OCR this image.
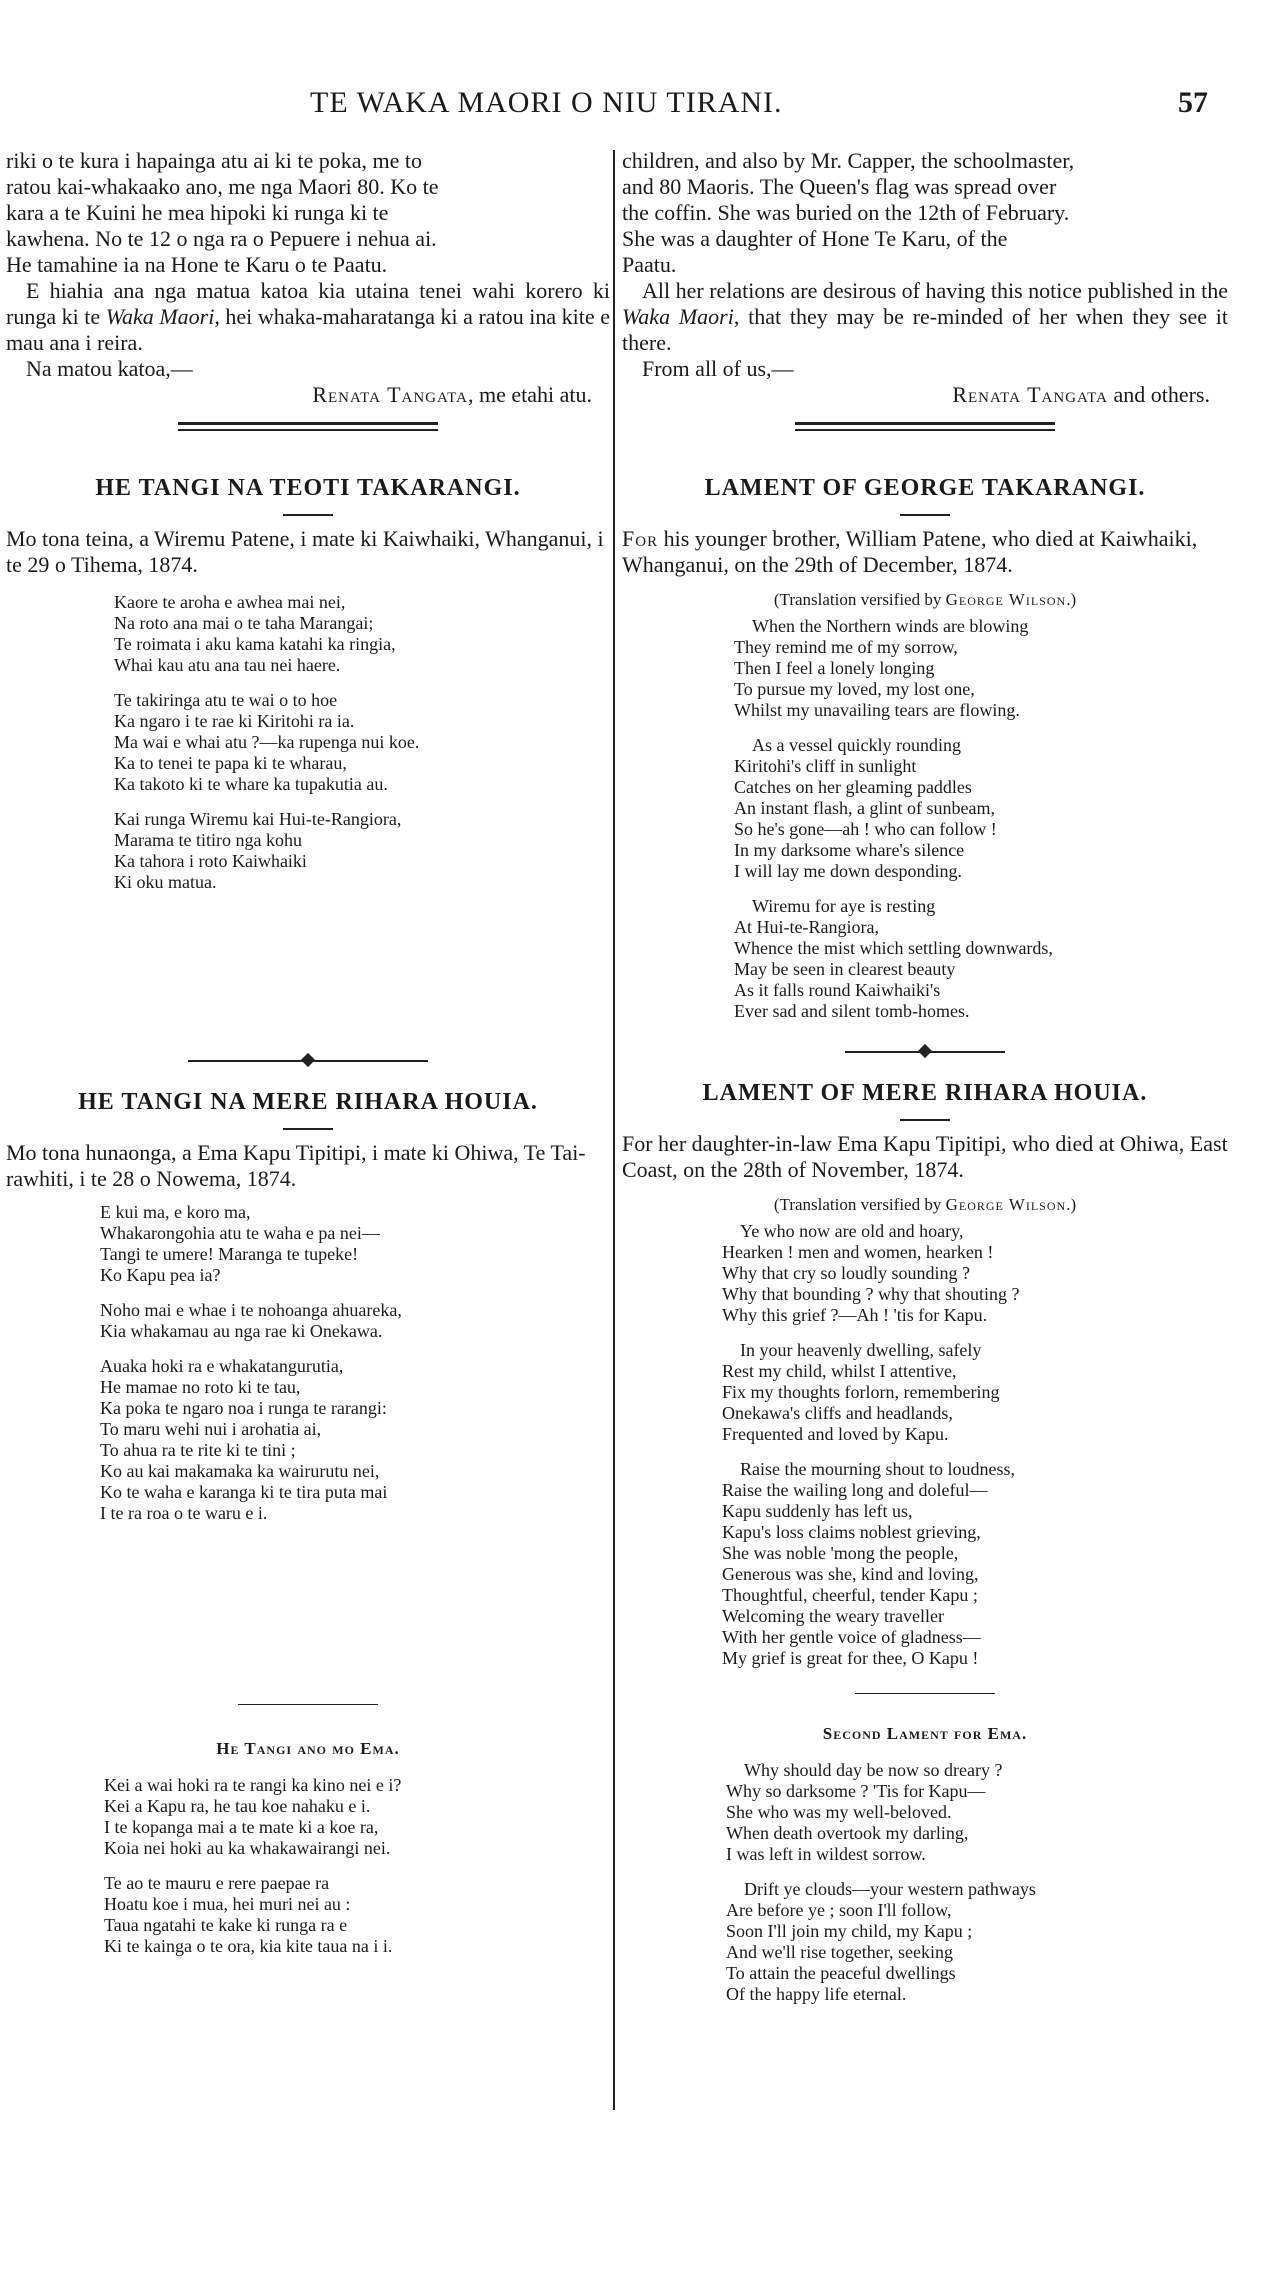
TE WAKA MAORI O NIU TIRANI.	57
riki o te kura i hapainga atu ai ki te poka, me to
ratou kai-whakaako ano, me nga Maori 80. Ko te
kara a te Kuini he mea hipoki ki runga ki te
kawhena. No te 12 o nga ra o Pepuere i nehua ai.
He tamahine ia na Hone te Karu o te Paatu.

E hiahia ana nga matua katoa kia utaina tenei wahi korero ki runga ki te Waka Maori, hei whaka-maharatanga ki a ratou ina kite e mau ana i reira.

Na matou katoa,—

Renata Tangata, me etahi atu.
HE TANGI NA TEOTI TAKARANGI.

Mo tona teina, a Wiremu Patene, i mate ki Kaiwhaiki, Whanganui, i te 29 o Tihema, 1874.

Kaore te aroha e awhea mai nei,
Na roto ana mai o te taha Marangai;
Te roimata i aku kama katahi ka ringia,
Whai kau atu ana tau nei haere.
Te takiringa atu te wai o to hoe
Ka ngaro i te rae ki Kiritohi ra ia.
Ma wai e whai atu ?—ka rupenga nui koe.
Ka to tenei te papa ki te wharau,
Ka takoto ki te whare ka tupakutia au.
Kai runga Wiremu kai Hui-te-Rangiora,
Marama te titiro nga kohu
Ka tahora i roto Kaiwhaiki
Ki oku matua.
HE TANGI NA MERE RIHARA HOUIA.

Mo tona hunaonga, a Ema Kapu Tipitipi, i mate ki Ohiwa, Te Tai-rawhiti, i te 28 o Nowema, 1874.

E kui ma, e koro ma,
Whakarongohia atu te waha e pa nei—
Tangi te umere! Maranga te tupeke!
Ko Kapu pea ia?
Noho mai e whae i te nohoanga ahuareka,
Kia whakamau au nga rae ki Onekawa.
Auaka hoki ra e whakatangurutia,
He mamae no roto ki te tau,
Ka poka te ngaro noa i runga te rarangi:
To maru wehi nui i arohatia ai,
To ahua ra te rite ki te tini ;
Ko au kai makamaka ka wairurutu nei,
Ko te waha e karanga ki te tira puta mai
I te ra roa o te waru e i.
He Tangi ano mo Ema.
Kei a wai hoki ra te rangi ka kino nei e i?
Kei a Kapu ra, he tau koe nahaku e i.
I te kopanga mai a te mate ki a koe ra,
Koia nei hoki au ka whakawairangi nei.
Te ao te mauru e rere paepae ra
Hoatu koe i mua, hei muri nei au :
Taua ngatahi te kake ki runga ra e
Ki te kainga o te ora, kia kite taua na i i.
children, and also by Mr. Capper, the schoolmaster,
and 80 Maoris. The Queen's flag was spread over
the coffin. She was buried on the 12th of February.
She was a daughter of Hone Te Karu, of the
Paatu.

All her relations are desirous of having this notice published in the Waka Maori, that they may be re-minded of her when they see it there.

From all of us,—

Renata Tangata and others.
LAMENT OF GEORGE TAKARANGI.

For his younger brother, William Patene, who died at Kaiwhaiki, Whanganui, on the 29th of December, 1874.

(Translation versified by George Wilson.)

When the Northern winds are blowing
They remind me of my sorrow,
Then I feel a lonely longing
To pursue my loved, my lost one,
Whilst my unavailing tears are flowing.
As a vessel quickly rounding
Kiritohi's cliff in sunlight
Catches on her gleaming paddles
An instant flash, a glint of sunbeam,
So he's gone—ah ! who can follow !
In my darksome whare's silence
I will lay me down desponding.
Wiremu for aye is resting
At Hui-te-Rangiora,
Whence the mist which settling downwards,
May be seen in clearest beauty
As it falls round Kaiwhaiki's
Ever sad and silent tomb-homes.
LAMENT OF MERE RIHARA HOUIA.

For her daughter-in-law Ema Kapu Tipitipi, who died at Ohiwa, East Coast, on the 28th of November, 1874.

(Translation versified by George Wilson.)

Ye who now are old and hoary,
Hearken ! men and women, hearken !
Why that cry so loudly sounding ?
Why that bounding ? why that shouting ?
Why this grief ?—Ah ! 'tis for Kapu.
In your heavenly dwelling, safely
Rest my child, whilst I attentive,
Fix my thoughts forlorn, remembering
Onekawa's cliffs and headlands,
Frequented and loved by Kapu.
Raise the mourning shout to loudness,
Raise the wailing long and doleful—
Kapu suddenly has left us,
Kapu's loss claims noblest grieving,
She was noble 'mong the people,
Generous was she, kind and loving,
Thoughtful, cheerful, tender Kapu ;
Welcoming the weary traveller
With her gentle voice of gladness—
My grief is great for thee, O Kapu !
Second Lament for Ema.
Why should day be now so dreary ?
Why so darksome ? 'Tis for Kapu—
She who was my well-beloved.
When death overtook my darling,
I was left in wildest sorrow.
Drift ye clouds—your western pathways
Are before ye ; soon I'll follow,
Soon I'll join my child, my Kapu ;
And we'll rise together, seeking
To attain the peaceful dwellings
Of the happy life eternal.
